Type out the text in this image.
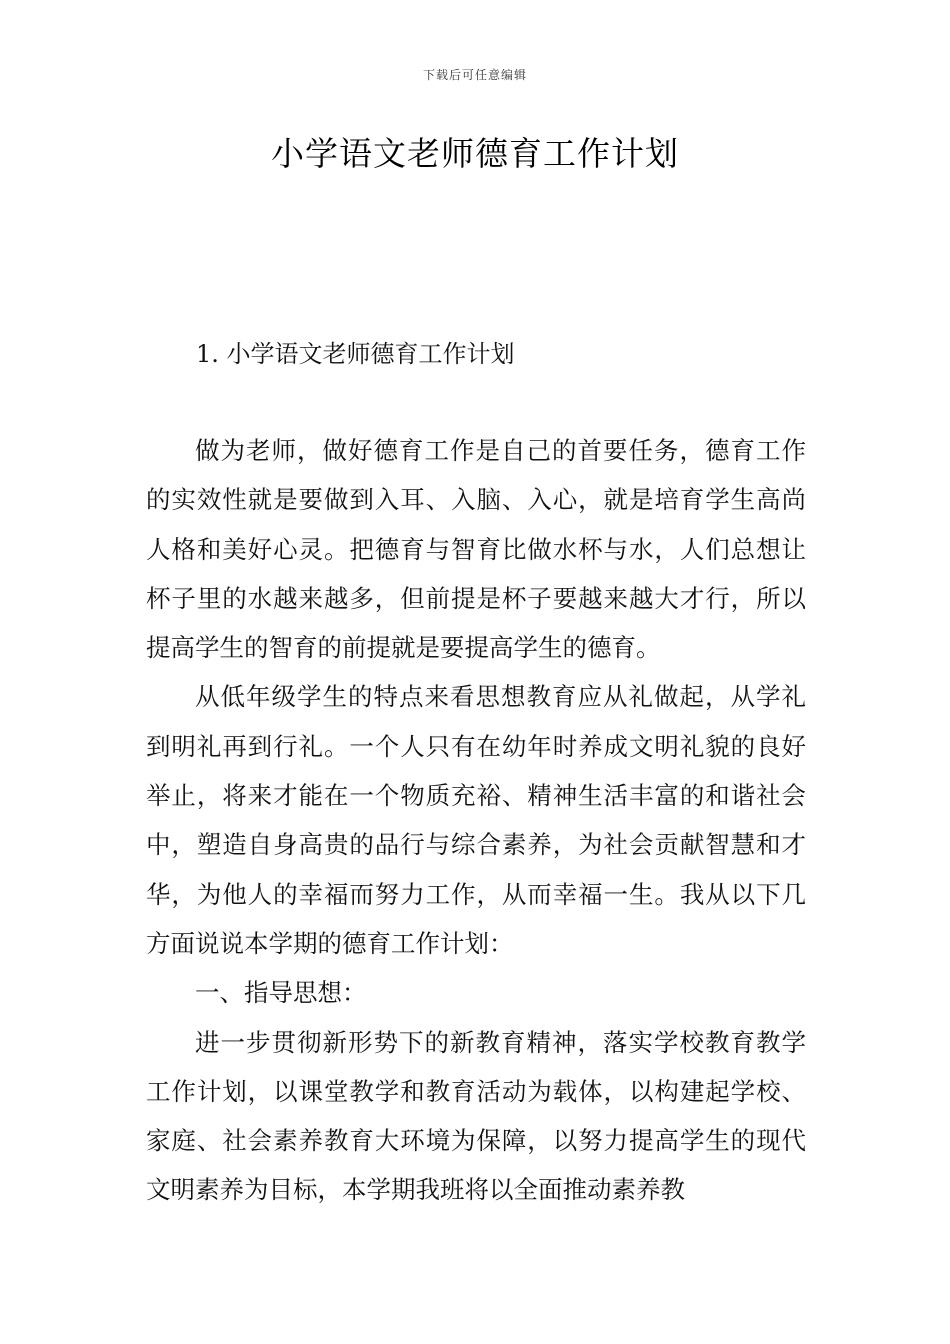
下载后可任意编辑
小学语文老师德育工作计划
1. 小学语文老师德育工作计划

做为老师，做好德育工作是自己的首要任务，德育工作的实效性就是要做到入耳、入脑、入心，就是培育学生高尚人格和美好心灵。把德育与智育比做水杯与水，人们总想让杯子里的水越来越多，但前提是杯子要越来越大才行，所以提高学生的智育的前提就是要提高学生的德育。

从低年级学生的特点来看思想教育应从礼做起，从学礼到明礼再到行礼。一个人只有在幼年时养成文明礼貌的良好举止，将来才能在一个物质充裕、精神生活丰富的和谐社会中，塑造自身高贵的品行与综合素养，为社会贡献智慧和才华，为他人的幸福而努力工作，从而幸福一生。我从以下几方面说说本学期的德育工作计划：

一、指导思想：

进一步贯彻新形势下的新教育精神，落实学校教育教学工作计划，以课堂教学和教育活动为载体，以构建起学校、家庭、社会素养教育大环境为保障，以努力提高学生的现代文明素养为目标，本学期我班将以全面推动素养教
